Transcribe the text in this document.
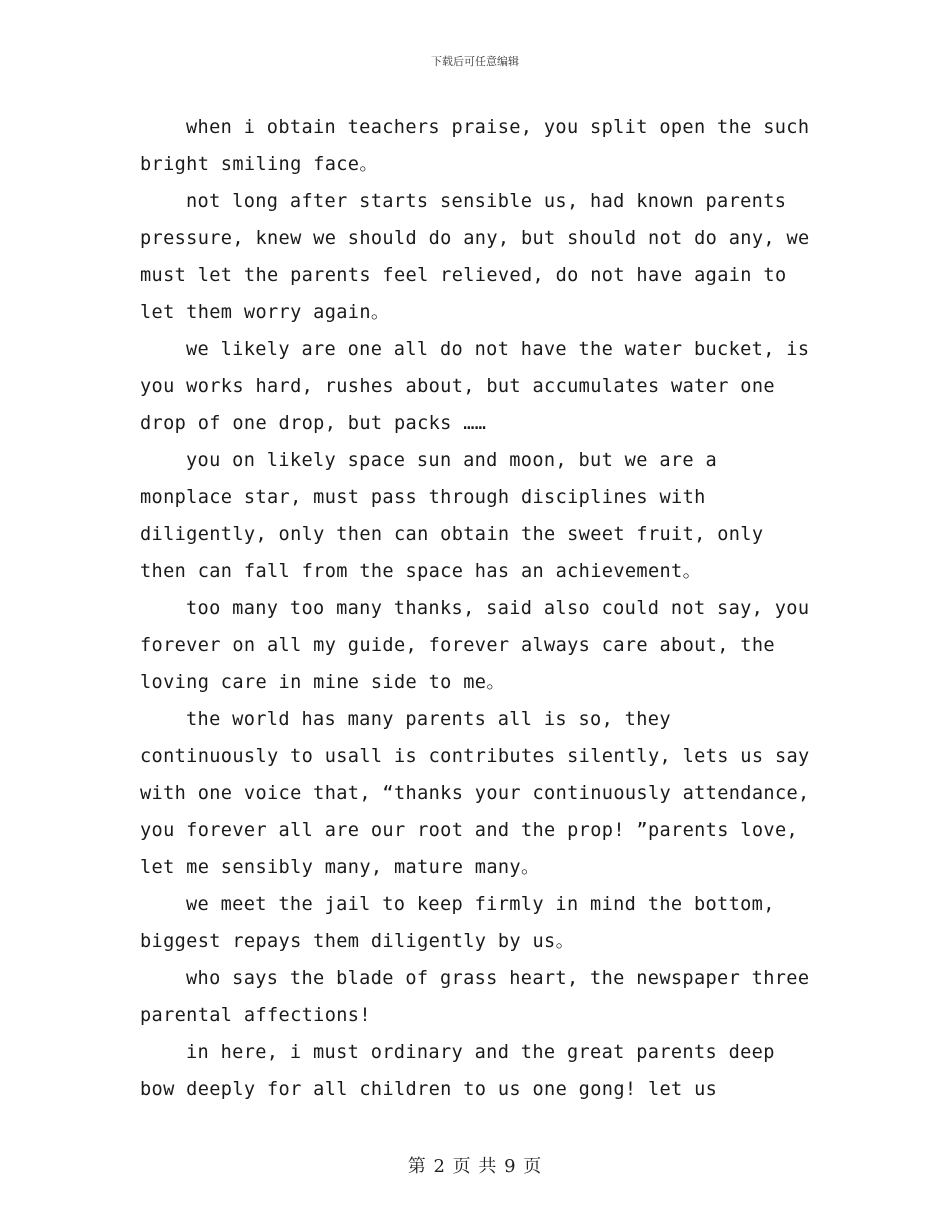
下载后可任意编辑

when i obtain teachers praise, you split open the such bright smiling face。

not long after starts sensible us, had known parents pressure, knew we should do any, but should not do any, we must let the parents feel relieved, do not have again to let them worry again。

we likely are one all do not have the water bucket, is you works hard, rushes about, but accumulates water one drop of one drop, but packs ……

you on likely space sun and moon, but we are a monplace star, must pass through disciplines with diligently, only then can obtain the sweet fruit, only then can fall from the space has an achievement。

too many too many thanks, said also could not say, you forever on all my guide, forever always care about, the loving care in mine side to me。

the world has many parents all is so, they continuously to usall is contributes silently, lets us say with one voice that, “thanks your continuously attendance, you forever all are our root and the prop! ”parents love, let me sensibly many, mature many。

we meet the jail to keep firmly in mind the bottom, biggest repays them diligently by us。

who says the blade of grass heart, the newspaper three parental affections!

in here, i must ordinary and the great parents deep bow deeply for all children to us one gong! let us

第 2 页 共 9 页
